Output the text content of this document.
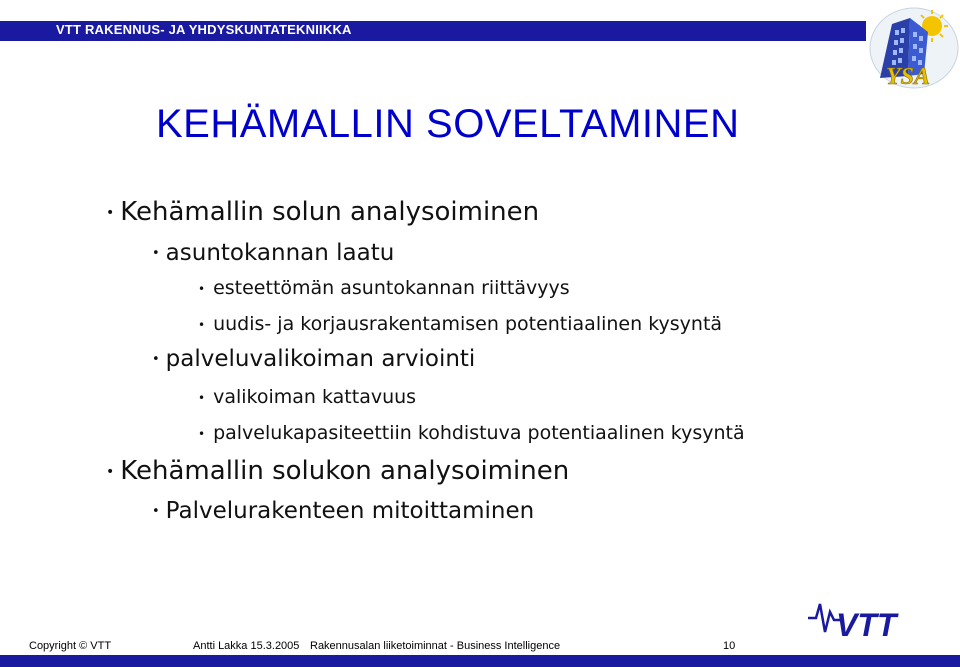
VTT RAKENNUS- JA YHDYSKUNTATEKNIIKKA
YSA
KEHÄMALLIN SOVELTAMINEN
• Kehämallin solun analysoiminen
• asuntokannan laatu
• esteettömän asuntokannan riittävyys
• uudis- ja korjausrakentamisen potentiaalinen kysyntä
• palveluvalikoiman arviointi
• valikoiman kattavuus
• palvelukapasiteettiin kohdistuva potentiaalinen kysyntä
• Kehämallin solukon analysoiminen
• Palvelurakenteen mitoittaminen
VTT
Copyright © VTT	Antti Lakka 15.3.2005 Rakennusalan liiketoiminnat - Business Intelligence	10
